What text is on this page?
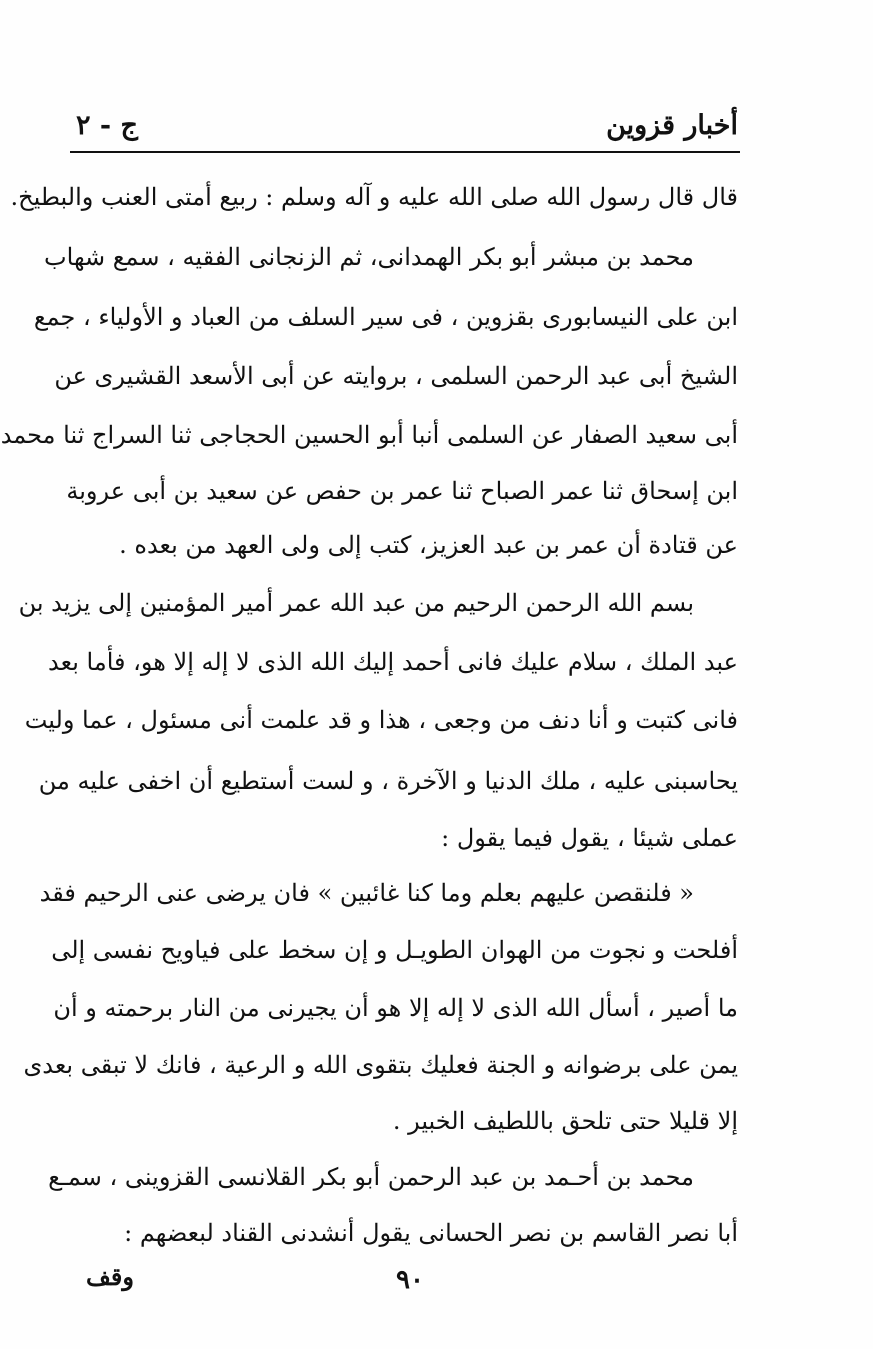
أخبار قزوين
ج - ٢
قال قال رسول الله صلى الله عليه و آله وسلم : ربيع أمتى العنب والبطيخ.
محمد بن مبشر أبو بكر الهمدانى، ثم الزنجانى الفقيه ، سمع شهاب
ابن على النيسابورى بقزوين ، فى سير السلف من العباد و الأولياء ، جمع
الشيخ أبى عبد الرحمن السلمى ، بروايته عن أبى الأسعد القشيرى عن
أبى سعيد الصفار عن السلمى أنبا أبو الحسين الحجاجى ثنا السراج ثنا محمد
ابن إسحاق ثنا عمر الصباح ثنا عمر بن حفص عن سعيد بن أبى عروبة
عن قتادة أن عمر بن عبد العزيز، كتب إلى ولى العهد من بعده .
بسم الله الرحمن الرحيم من عبد الله عمر أمير المؤمنين إلى يزيد بن
عبد الملك ، سلام عليك فانى أحمد إليك الله الذى لا إله إلا هو، فأما بعد
فانى كتبت و أنا دنف من وجعى ، هذا و قد علمت أنى مسئول ، عما وليت
يحاسبنى عليه ، ملك الدنيا و الآخرة ، و لست أستطيع أن اخفى عليه من
عملى شيئا ، يقول فيما يقول :
« فلنقصن عليهم بعلم وما كنا غائبين » فان يرضى عنى الرحيم فقد
أفلحت و نجوت من الهوان الطويـل و إن سخط على فياويح نفسى إلى
ما أصير ، أسأل الله الذى لا إله إلا هو أن يجيرنى من النار برحمته و أن
يمن على برضوانه و الجنة فعليك بتقوى الله و الرعية ، فانك لا تبقى بعدى
إلا قليلا حتى تلحق باللطيف الخبير .
محمد بن أحـمد بن عبد الرحمن أبو بكر القلانسى القزوينى ، سمـع
أبا نصر القاسم بن نصر الحسانى يقول أنشدنى القناد لبعضهم :
وقف	٩٠
